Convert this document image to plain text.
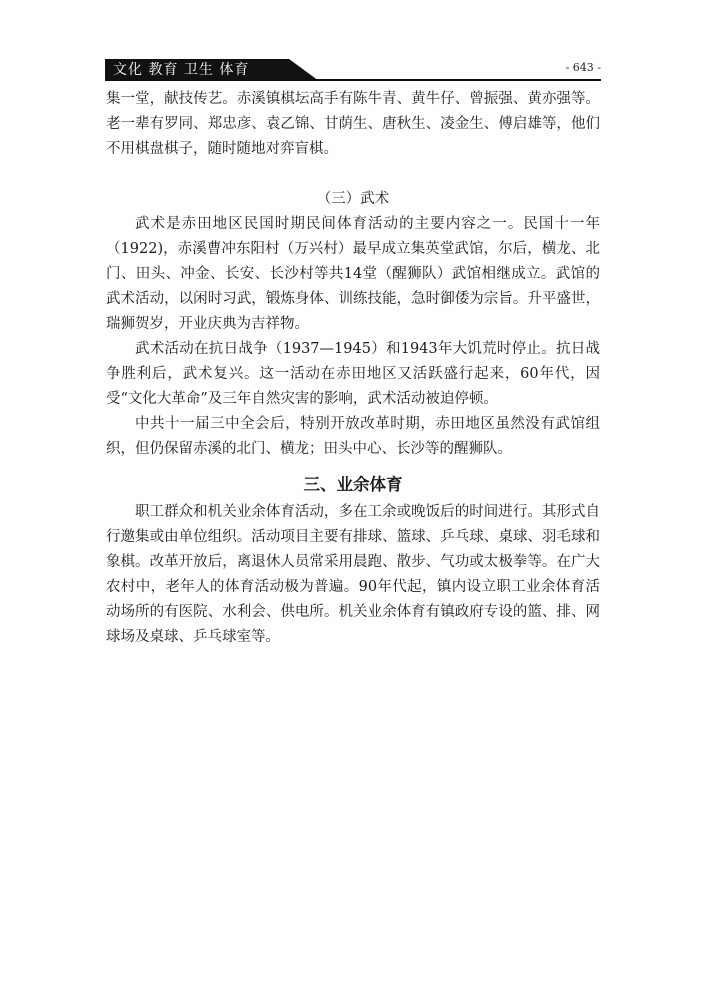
文化 教育 卫生 体育	- 643 -

集一堂，献技传艺。赤溪镇棋坛高手有陈牛青、黄牛仔、曾振强、黄亦强等。老一辈有罗同、郑忠彦、袁乙锦、甘荫生、唐秋生、凌金生、傅启雄等，他们不用棋盘棋子，随时随地对弈盲棋。

（三）武术

武术是赤田地区民国时期民间体育活动的主要内容之一。民国十一年（1922)，赤溪曹冲东阳村（万兴村）最早成立集英堂武馆，尔后，横龙、北门、田头、冲金、长安、长沙村等共14堂（醒狮队）武馆相继成立。武馆的武术活动，以闲时习武，锻炼身体、训练技能，急时御倭为宗旨。升平盛世，瑞狮贺岁，开业庆典为吉祥物。

武术活动在抗日战争（1937—1945）和1943年大饥荒时停止。抗日战争胜利后，武术复兴。这一活动在赤田地区又活跃盛行起来，60年代，因受“文化大革命”及三年自然灾害的影响，武术活动被迫停顿。

中共十一届三中全会后，特别开放改革时期，赤田地区虽然没有武馆组织，但仍保留赤溪的北门、横龙；田头中心、长沙等的醒狮队。

三、业余体育

职工群众和机关业余体育活动，多在工余或晚饭后的时间进行。其形式自行邀集或由单位组织。活动项目主要有排球、篮球、乒乓球、桌球、羽毛球和象棋。改革开放后，离退休人员常采用晨跑、散步、气功或太极拳等。在广大农村中，老年人的体育活动极为普遍。90年代起，镇内设立职工业余体育活动场所的有医院、水利会、供电所。机关业余体育有镇政府专设的篮、排、网球场及桌球、乒乓球室等。
